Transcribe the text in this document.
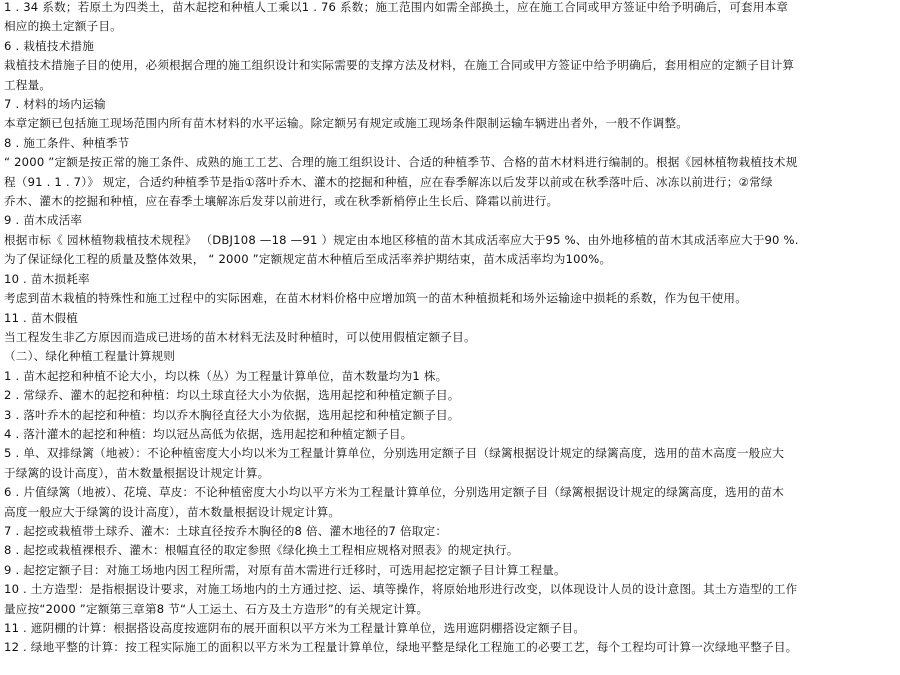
1 . 34 系数；若原土为四类土，苗木起挖和种植人工乘以1 . 76 系数；施工范围内如需全部换土，应在施工合同或甲方签证中给予明确后，可套用本章
相应的换土定额子目。
6 . 栽植技术措施
栽植技术措施子目的使用，必须根据合理的施工组织设计和实际需要的支撑方法及材料，在施工合同或甲方签证中给予明确后，套用相应的定额子目计算
工程量。
7 . 材料的场内运输
本章定额已包括施工现场范围内所有苗木材料的水平运输。除定额另有规定或施工现场条件限制运输车辆进出者外，一般不作调整。
8 . 施工条件、种植季节
“ 2000 ”定额是按正常的施工条件、成熟的施工工艺、合理的施工组织设计、合适的种植季节、合格的苗木材料进行编制的。根据《园林植物栽植技术规
程（91 . 1 . 7）》 规定，合适约种植季节是指①落叶乔木、灌木的挖掘和种植，应在春季解冻以后发芽以前或在秋季落叶后、冰冻以前进行；②常绿
乔木、灌木的挖掘和种植，应在春季土壤解冻后发芽以前进行，或在秋季新梢停止生长后、降霜以前进行。
9 . 苗木成活率
根据市标《 园林植物栽植技术规程》 （DBJ108 —18 —91 ）规定由本地区移植的苗木其成活率应大于95 %、由外地移植的苗木其成活率应大于90 %.
为了保证绿化工程的质量及整体效果， “ 2000 ”定额规定苗木种植后至成活率养护期结束，苗木成活率均为100%。
10 . 苗木损耗率
考虑到苗木栽植的特殊性和施工过程中的实际困难，在苗木材料价格中应增加筑一的苗木种植损耗和场外运输途中损耗的系数，作为包干使用。
11 . 苗木假植
当工程发生非乙方原因而造成已进场的苗木材料无法及时种植时，可以使用假植定额子目。
（二）、绿化种植工程量计算规则
1 . 苗木起挖和种植不论大小，均以株（丛）为工程量计算单位，苗木数量均为1 株。
2 . 常绿乔、灌木的起挖和种植：均以土球直径大小为依据，选用起挖和种植定额子目。
3 . 落叶乔木的起挖和种植：均以乔木胸径直径大小为依据，选用起挖和种植定额子目。
4 . 落汁灌木的起挖和种植：均以冠丛高低为依据，选用起挖和种植定额子目。
5 . 单、双排绿篱（地被）：不论种植密度大小均以米为工程量计算单位，分别选用定额子目（绿篱根据设计规定的绿篱高度，选用的苗木高度一般应大
于绿篱的设计高度），苗木数量根据设计规定计算。
6 . 片值绿篱（地被）、花境、草皮：不论种植密度大小均以平方米为工程量计算单位，分别选用定额子目（绿篱根据设计规定的绿篱高度，选用的苗木
高度一般应大于绿篱的设计高度），苗木数量根据设计规定计算。
7 . 起挖或栽植带土球乔、灌木：土球直径按乔木胸径的8 倍、灌木地径的7 倍取定：
8 . 起挖或栽植裸根乔、灌木：根幅直径的取定参照《绿化换土工程相应规格对照表》的规定执行。
9 . 起挖定额子目：对施工场地内因工程所需，对原有苗木需进行迁移时，可选用起挖定额子目计算工程量。
10 . 土方造型：是指根据设计要求，对施工场地内的土方通过挖、运、填等操作，将原始地形进行改变，以体现设计人员的设计意图。其土方造型的工作
量应按“2000 ”定额第三章第8 节“人工运土、石方及土方造形”的有关规定计算。
11 . 遮阴棚的计算：根据搭设高度按遮阴布的展开面积以平方米为工程量计算单位，选用遮阴棚搭设定额子目。
12 . 绿地平整的计算：按工程实际施工的面积以平方米为工程量计算单位，绿地平整是绿化工程施工的必要工艺，每个工程均可计算一次绿地平整子目。
